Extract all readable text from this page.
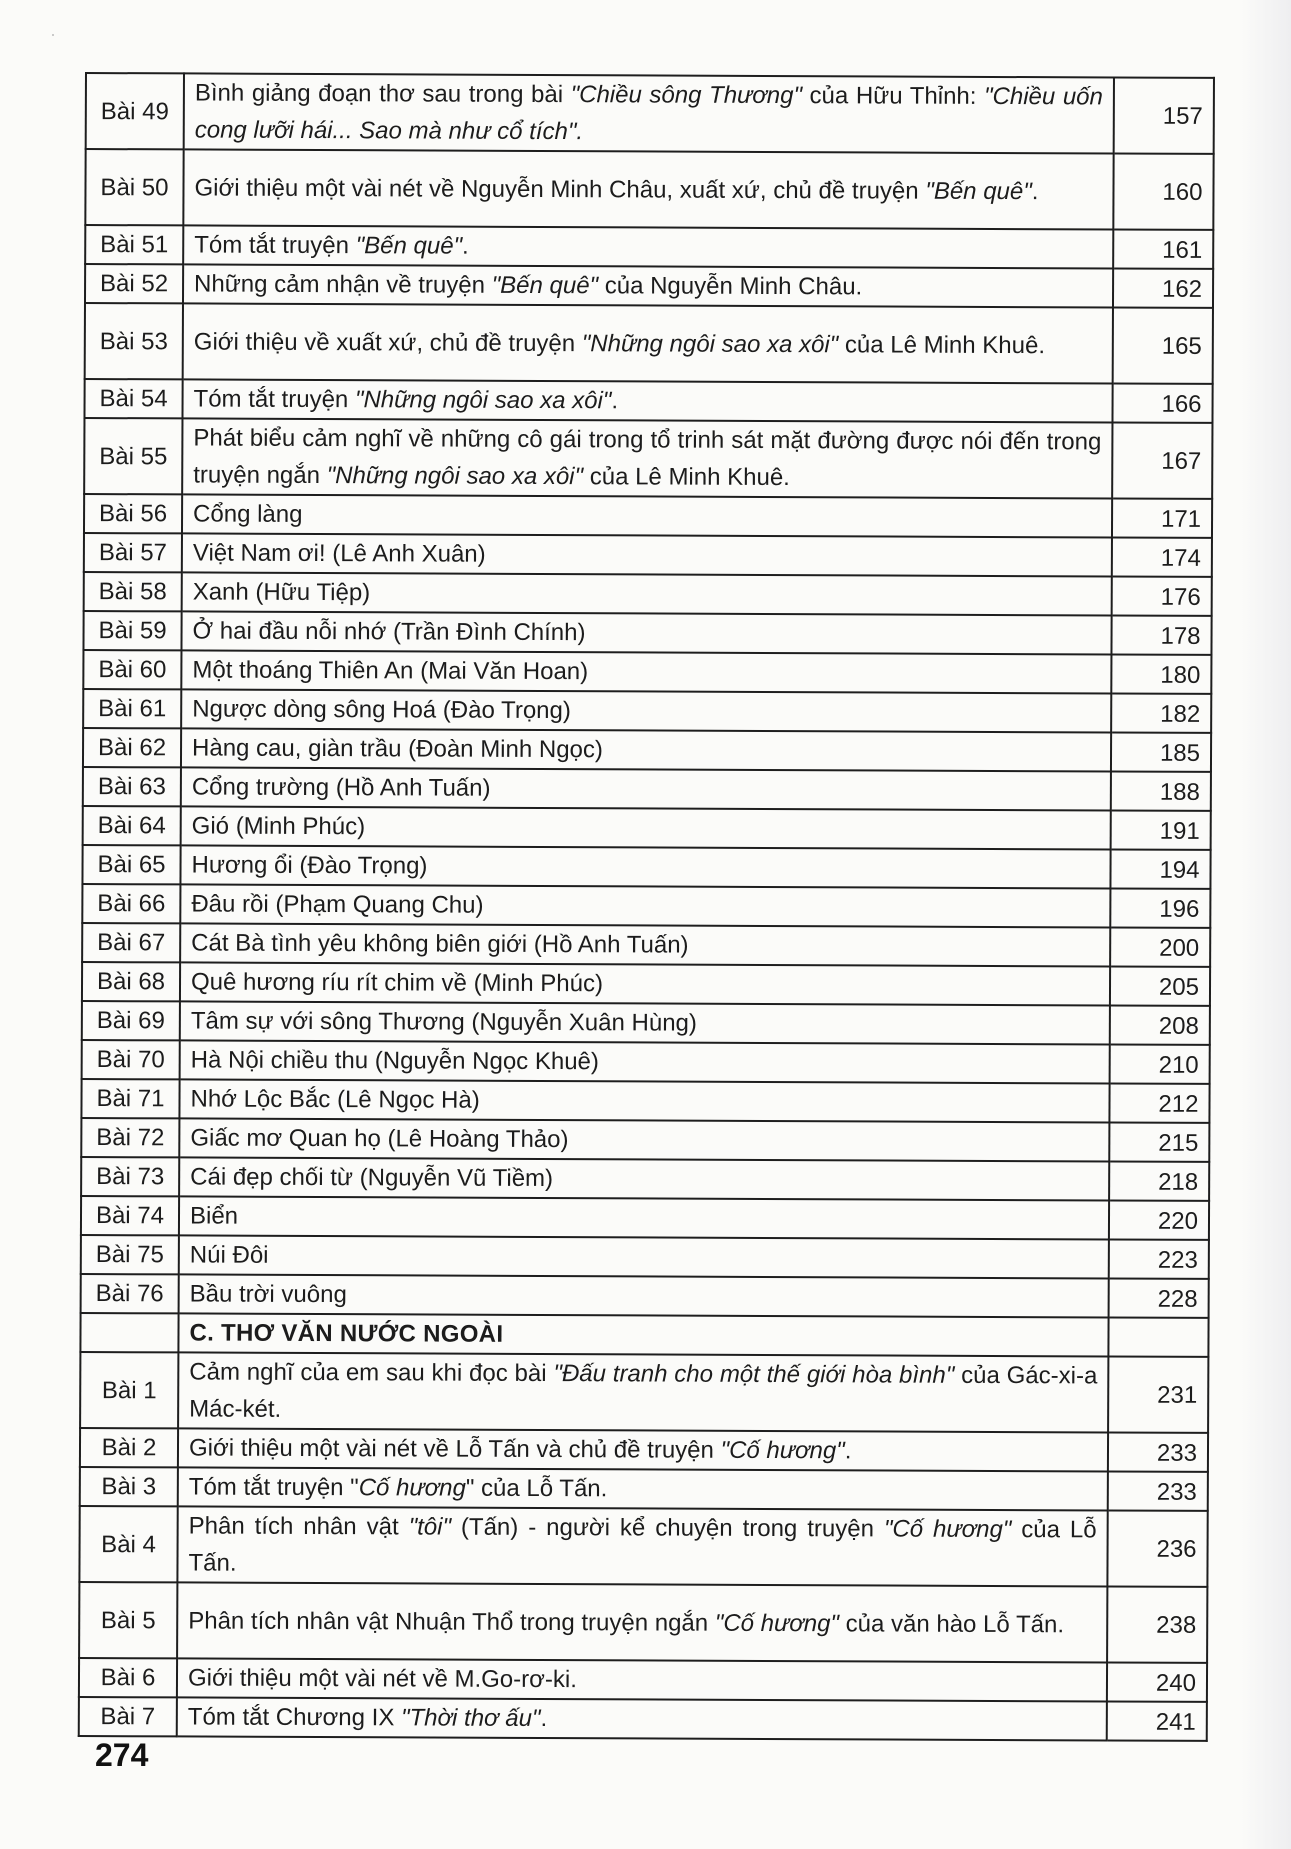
Bài 49	Bình giảng đoạn thơ sau trong bài "Chiều sông Thương" của Hữu Thỉnh: "Chiều uốn cong lưỡi hái... Sao mà như cổ tích".	157
Bài 50	Giới thiệu một vài nét về Nguyễn Minh Châu, xuất xứ, chủ đề truyện "Bến quê".	160
Bài 51	Tóm tắt truyện "Bến quê".	161
Bài 52	Những cảm nhận về truyện "Bến quê" của Nguyễn Minh Châu.	162
Bài 53	Giới thiệu về xuất xứ, chủ đề truyện "Những ngôi sao xa xôi" của Lê Minh Khuê.	165
Bài 54	Tóm tắt truyện "Những ngôi sao xa xôi".	166
Bài 55	Phát biểu cảm nghĩ về những cô gái trong tổ trinh sát mặt đường được nói đến trong truyện ngắn "Những ngôi sao xa xôi" của Lê Minh Khuê.	167
Bài 56	Cổng làng	171
Bài 57	Việt Nam ơi! (Lê Anh Xuân)	174
Bài 58	Xanh (Hữu Tiệp)	176
Bài 59	Ở hai đầu nỗi nhớ (Trần Đình Chính)	178
Bài 60	Một thoáng Thiên An (Mai Văn Hoan)	180
Bài 61	Ngược dòng sông Hoá (Đào Trọng)	182
Bài 62	Hàng cau, giàn trầu (Đoàn Minh Ngọc)	185
Bài 63	Cổng trường (Hồ Anh Tuấn)	188
Bài 64	Gió (Minh Phúc)	191
Bài 65	Hương ổi (Đào Trọng)	194
Bài 66	Đâu rồi (Phạm Quang Chu)	196
Bài 67	Cát Bà tình yêu không biên giới (Hồ Anh Tuấn)	200
Bài 68	Quê hương ríu rít chim về (Minh Phúc)	205
Bài 69	Tâm sự với sông Thương (Nguyễn Xuân Hùng)	208
Bài 70	Hà Nội chiều thu (Nguyễn Ngọc Khuê)	210
Bài 71	Nhớ Lộc Bắc (Lê Ngọc Hà)	212
Bài 72	Giấc mơ Quan họ (Lê Hoàng Thảo)	215
Bài 73	Cái đẹp chối từ (Nguyễn Vũ Tiềm)	218
Bài 74	Biển	220
Bài 75	Núi Đôi	223
Bài 76	Bầu trời vuông	228
	C. THƠ VĂN NƯỚC NGOÀI	
Bài 1	Cảm nghĩ của em sau khi đọc bài "Đấu tranh cho một thế giới hòa bình" của Gác-xi-a Mác-két.	231
Bài 2	Giới thiệu một vài nét về Lỗ Tấn và chủ đề truyện "Cố hương".	233
Bài 3	Tóm tắt truyện "Cố hương" của Lỗ Tấn.	233
Bài 4	Phân tích nhân vật "tôi" (Tấn) - người kể chuyện trong truyện "Cố hương" của Lỗ Tấn.	236
Bài 5	Phân tích nhân vật Nhuận Thổ trong truyện ngắn "Cố hương" của văn hào Lỗ Tấn.	238
Bài 6	Giới thiệu một vài nét về M.Go-rơ-ki.	240
Bài 7	Tóm tắt Chương IX "Thời thơ ấu".	241
274
